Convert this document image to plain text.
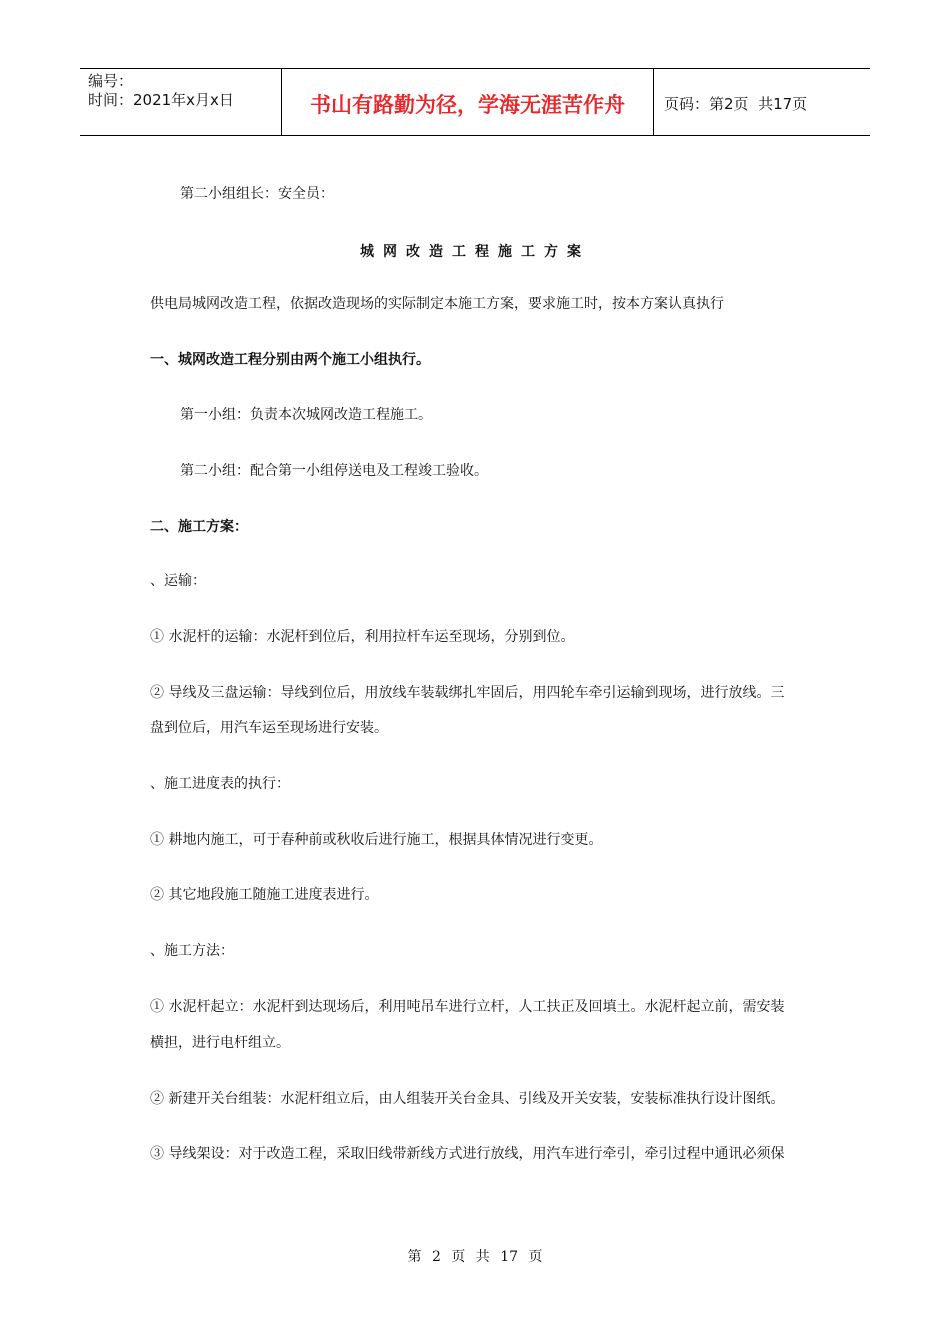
编号：
时间：2021年x月x日	书山有路勤为径，学海无涯苦作舟	页码：第2页  共17页
第二小组组长：安全员：
城网改造工程施工方案
供电局城网改造工程，依据改造现场的实际制定本施工方案，要求施工时，按本方案认真执行
一、城网改造工程分别由两个施工小组执行。
第一小组：负责本次城网改造工程施工。
第二小组：配合第一小组停送电及工程竣工验收。
二、施工方案：
、运输：
① 水泥杆的运输：水泥杆到位后，利用拉杆车运至现场，分别到位。
② 导线及三盘运输：导线到位后，用放线车装载绑扎牢固后，用四轮车牵引运输到现场，进行放线。三
盘到位后，用汽车运至现场进行安装。
、施工进度表的执行：
① 耕地内施工，可于春种前或秋收后进行施工，根据具体情况进行变更。
② 其它地段施工随施工进度表进行。
、施工方法：
① 水泥杆起立：水泥杆到达现场后，利用吨吊车进行立杆，人工扶正及回填土。水泥杆起立前，需安装
横担，进行电杆组立。
② 新建开关台组装：水泥杆组立后，由人组装开关台金具、引线及开关安装，安装标准执行设计图纸。
③ 导线架设：对于改造工程，采取旧线带新线方式进行放线，用汽车进行牵引，牵引过程中通讯必须保
第 2 页 共 17 页
